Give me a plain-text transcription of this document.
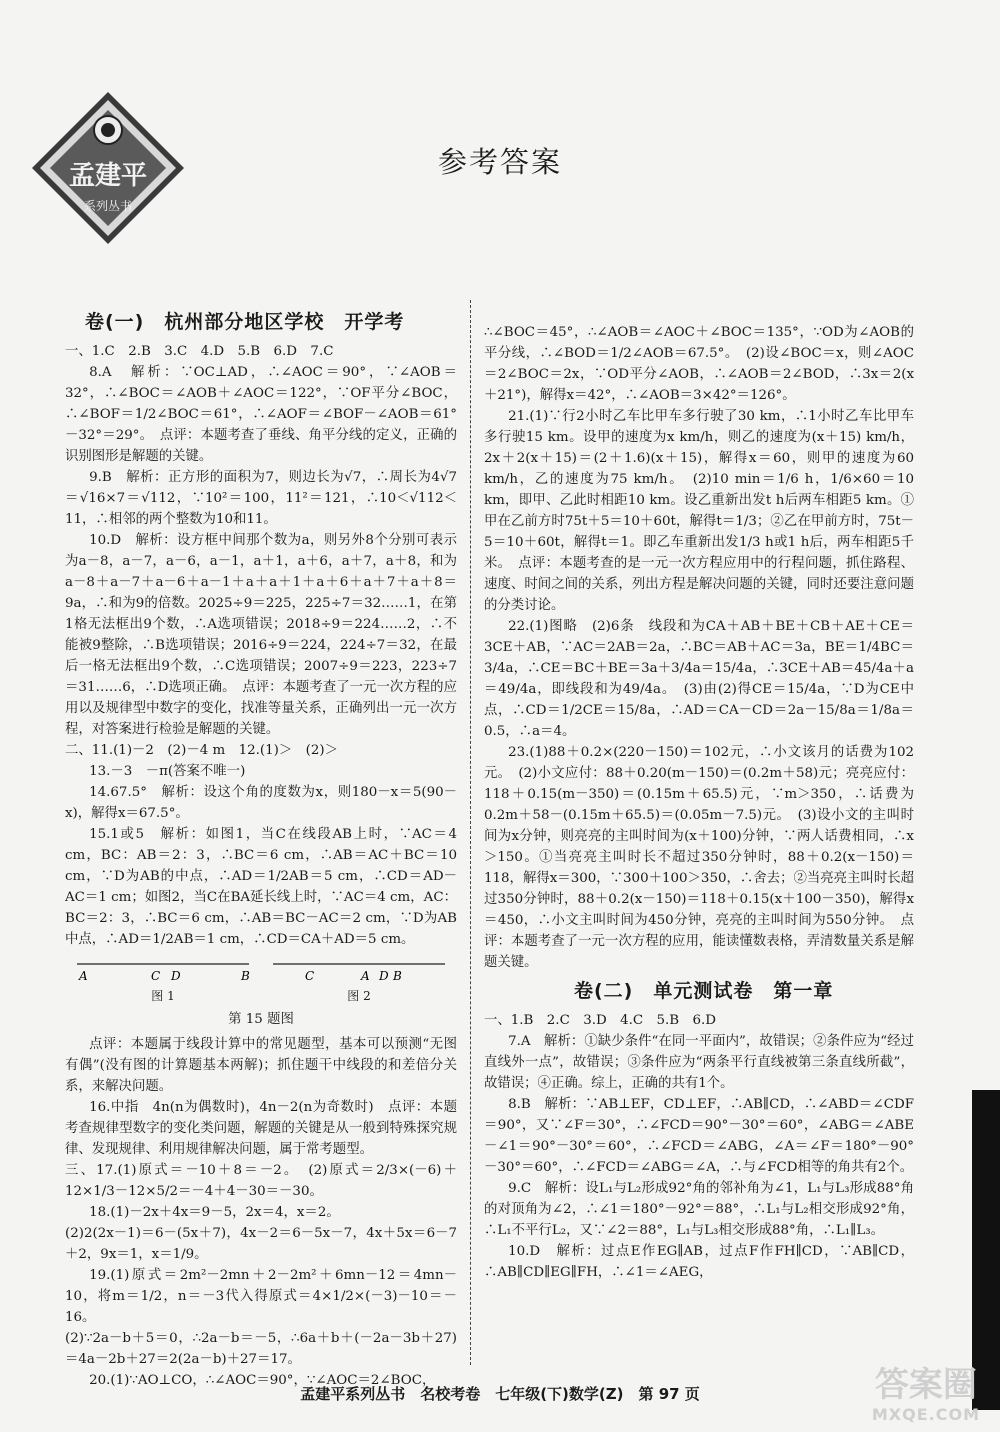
孟建平
系列丛书
参考答案
卷(一)　杭州部分地区学校　开学考

一、1.C　2.B　3.C　4.D　5.B　6.D　7.C

8.A　解析：∵OC⊥AD，∴∠AOC＝90°，∵∠AOB＝32°，∴∠BOC＝∠AOB＋∠AOC＝122°，∵OF平分∠BOC，∴∠BOF＝1/2∠BOC＝61°，∴∠AOF＝∠BOF－∠AOB＝61°－32°＝29°。　点评：本题考查了垂线、角平分线的定义，正确的识别图形是解题的关键。

9.B　解析：正方形的面积为7，则边长为√7，∴周长为4√7＝√16×7＝√112，∵10²＝100，11²＝121，∴10＜√112＜11，∴相邻的两个整数为10和11。

10.D　解析：设方框中间那个数为a，则另外8个分别可表示为a－8，a－7，a－6，a－1，a＋1，a＋6，a＋7，a＋8，和为a－8＋a－7＋a－6＋a－1＋a＋a＋1＋a＋6＋a＋7＋a＋8＝9a，∴和为9的倍数。2025÷9＝225，225÷7＝32……1，在第1格无法框出9个数，∴A选项错误；2018÷9＝224……2，∴不能被9整除，∴B选项错误；2016÷9＝224，224÷7＝32，在最后一格无法框出9个数，∴C选项错误；2007÷9＝223，223÷7＝31……6，∴D选项正确。　点评：本题考查了一元一次方程的应用以及规律型中数字的变化，找准等量关系，正确列出一元一次方程，对答案进行检验是解题的关键。

二、11.(1)－2　(2)－4 m　12.(1)＞　(2)＞

13.－3　－π(答案不唯一)

14.67.5°　解析：设这个角的度数为x，则180－x＝5(90－x)，解得x＝67.5°。

15.1或5　解析：如图1，当C在线段AB上时，∵AC＝4 cm，BC：AB＝2：3，∴BC＝6 cm，∴AB＝AC＋BC＝10 cm，∵D为AB的中点，∴AD＝1/2AB＝5 cm，∴CD＝AD－AC＝1 cm；如图2，当C在BA延长线上时，∵AC＝4 cm，AC：BC＝2：3，∴BC＝6 cm，∴AB＝BC－AC＝2 cm，∵D为AB中点，∴AD＝1/2AB＝1 cm，∴CD＝CA＋AD＝5 cm。

A	C D	B
图 1
C	A D B
图 2
第 15 题图

点评：本题属于线段计算中的常见题型，基本可以预测“无图有偶”(没有图的计算题基本两解)；抓住题干中线段的和差倍分关系，来解决问题。

16.中指　4n(n为偶数时)，4n－2(n为奇数时)　点评：本题考查规律型数字的变化类问题，解题的关键是从一般到特殊探究规律、发现规律、利用规律解决问题，属于常考题型。

三、17.(1)原式＝－10＋8＝－2。　(2)原式＝2/3×(－6)＋12×1/3－12×5/2＝－4＋4－30＝－30。

18.(1)－2x＋4x＝9－5，2x＝4，x＝2。

(2)2(2x－1)＝6－(5x＋7)，4x－2＝6－5x－7，4x＋5x＝6－7＋2，9x＝1，x＝1/9。

19.(1)原式＝2m²－2mn＋2－2m²＋6mn－12＝4mn－10，将m＝1/2，n＝－3代入得原式＝4×1/2×(－3)－10＝－16。

(2)∵2a－b＋5＝0，∴2a－b＝－5，∴6a＋b＋(－2a－3b＋27)＝4a－2b＋27＝2(2a－b)＋27＝17。

20.(1)∵AO⊥CO，∴∠AOC＝90°，∵∠AOC＝2∠BOC，

∴∠BOC＝45°，∴∠AOB＝∠AOC＋∠BOC＝135°，∵OD为∠AOB的平分线，∴∠BOD＝1/2∠AOB＝67.5°。　(2)设∠BOC＝x，则∠AOC＝2∠BOC＝2x，∵OD平分∠AOB，∴∠AOB＝2∠BOD，∴3x＝2(x＋21°)，解得x＝42°，∴∠AOB＝3×42°＝126°。

21.(1)∵行2小时乙车比甲车多行驶了30 km，∴1小时乙车比甲车多行驶15 km。设甲的速度为x km/h，则乙的速度为(x＋15) km/h，2x＋2(x＋15)＝(2＋1.6)(x＋15)，解得x＝60，则甲的速度为60 km/h，乙的速度为75 km/h。　(2)10 min＝1/6 h，1/6×60＝10 km，即甲、乙此时相距10 km。设乙重新出发t h后两车相距5 km。①甲在乙前方时75t＋5＝10＋60t，解得t＝1/3；②乙在甲前方时，75t－5＝10＋60t，解得t＝1。即乙车重新出发1/3 h或1 h后，两车相距5千米。　点评：本题考查的是一元一次方程应用中的行程问题，抓住路程、速度、时间之间的关系，列出方程是解决问题的关键，同时还要注意问题的分类讨论。

22.(1)图略　(2)6条　线段和为CA＋AB＋BE＋CB＋AE＋CE＝3CE＋AB，∵AC＝2AB＝2a，∴BC＝AB＋AC＝3a，BE＝1/4BC＝3/4a，∴CE＝BC＋BE＝3a＋3/4a＝15/4a，∴3CE＋AB＝45/4a＋a＝49/4a，即线段和为49/4a。　(3)由(2)得CE＝15/4a，∵D为CE中点，∴CD＝1/2CE＝15/8a，∴AD＝CA－CD＝2a－15/8a＝1/8a＝0.5，∴a＝4。

23.(1)88＋0.2×(220－150)＝102元，∴小文该月的话费为102元。　(2)小文应付：88＋0.20(m－150)＝(0.2m＋58)元；亮亮应付：118＋0.15(m－350)＝(0.15m＋65.5)元，∵m＞350，∴话费为0.2m＋58－(0.15m＋65.5)＝(0.05m－7.5)元。　(3)设小文的主叫时间为x分钟，则亮亮的主叫时间为(x＋100)分钟，∵两人话费相同，∴x＞150。①当亮亮主叫时长不超过350分钟时，88＋0.2(x－150)＝118，解得x＝300，∵300＋100＞350，∴舍去；②当亮亮主叫时长超过350分钟时，88＋0.2(x－150)＝118＋0.15(x＋100－350)，解得x＝450，∴小文主叫时间为450分钟，亮亮的主叫时间为550分钟。　点评：本题考查了一元一次方程的应用，能读懂数表格，弄清数量关系是解题关键。

卷(二)　单元测试卷　第一章

一、1.B　2.C　3.D　4.C　5.B　6.D

7.A　解析：①缺少条件“在同一平面内”，故错误；②条件应为“经过直线外一点”，故错误；③条件应为“两条平行直线被第三条直线所截”，故错误；④正确。综上，正确的共有1个。

8.B　解析：∵AB⊥EF，CD⊥EF，∴AB∥CD，∴∠ABD＝∠CDF＝90°，又∵∠F＝30°，∴∠FCD＝90°－30°＝60°，∠ABG＝∠ABE－∠1＝90°－30°＝60°，∴∠FCD＝∠ABG，∠A＝∠F＝180°－90°－30°＝60°，∴∠FCD＝∠ABG＝∠A，∴与∠FCD相等的角共有2个。

9.C　解析：设L₁与L₂形成92°角的邻补角为∠1，L₁与L₃形成88°角的对顶角为∠2，∴∠1＝180°－92°＝88°，∴L₁与L₂相交形成92°角，∴L₁不平行L₂，又∵∠2＝88°，L₁与L₃相交形成88°角，∴L₁∥L₃。

10.D　解析：过点E作EG∥AB，过点F作FH∥CD，∵AB∥CD，∴AB∥CD∥EG∥FH，∴∠1＝∠AEG，

孟建平系列丛书　名校考卷　七年级(下)数学(Z)　第 97 页	答案圈
MXQE.COM
